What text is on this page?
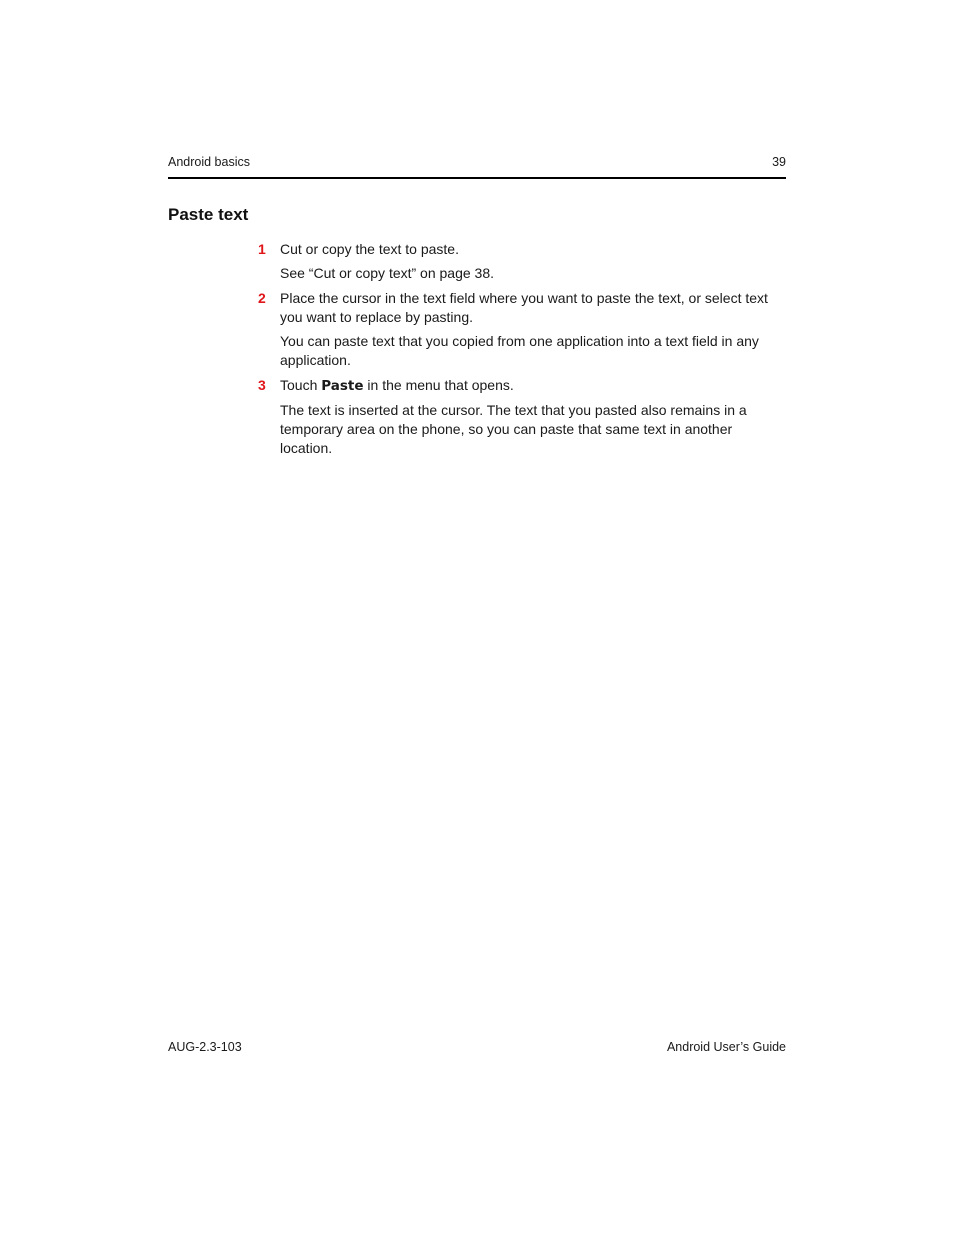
Android basics	39
Paste text
1 Cut or copy the text to paste.

See “Cut or copy text” on page 38.

2 Place the cursor in the text field where you want to paste the text, or select text you want to replace by pasting.

You can paste text that you copied from one application into a text field in any application.

3 Touch Paste in the menu that opens.

The text is inserted at the cursor. The text that you pasted also remains in a temporary area on the phone, so you can paste that same text in another location.

AUG-2.3-103	Android User’s Guide
